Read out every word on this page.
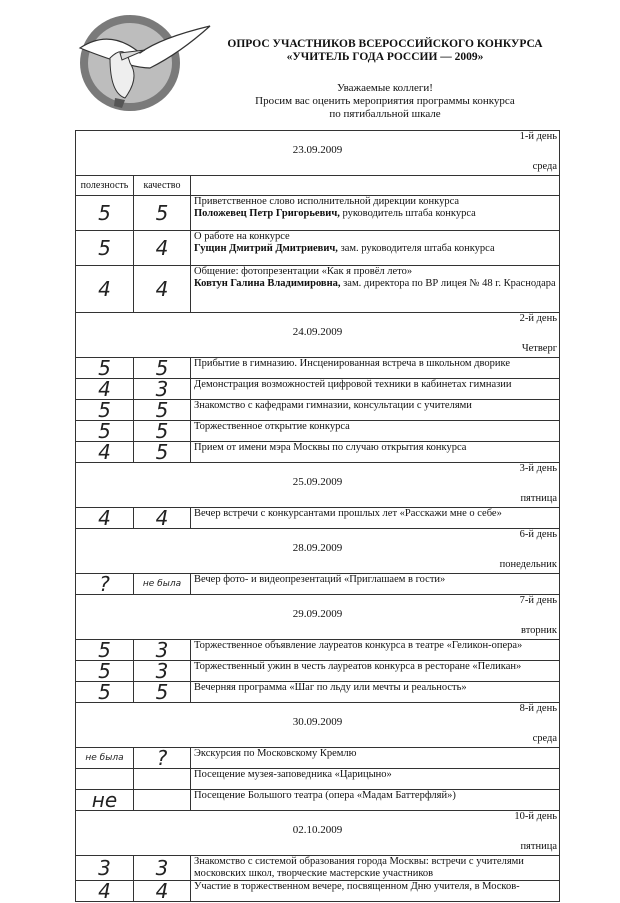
ОПРОС УЧАСТНИКОВ ВСЕРОССИЙСКОГО КОНКУРСА
«УЧИТЕЛЬ ГОДА РОССИИ — 2009»
Уважаемые коллеги!
Просим вас оценить мероприятия программы конкурса
по пятибалльной шкале
1-й день
23.09.2009
среда		

полезность	качество	
5	5	Приветственное слово исполнительной дирекции конкурса
Положевец Петр Григорьевич, руководитель штаба конкурса

5	4	О работе на конкурсе
Гущин Дмитрий Дмитриевич, зам. руководителя штаба конкурса

4	4	Общение: фотопрезентации «Как я провёл лето»
Ковтун Галина Владимировна, зам. директора по ВР лицея № 48 г. Краснодара

2-й день
24.09.2009
Четверг		

5	5	Прибытие в гимназию. Инсценированная встреча в школьном дворике

4	3	Демонстрация возможностей цифровой техники в кабинетах гимназии

5	5	Знакомство с кафедрами гимназии, консультации с учителями

5	5	Торжественное открытие конкурса

4	5	Прием от имени мэра Москвы по случаю открытия конкурса

3-й день
25.09.2009
пятница		

4	4	Вечер встречи с конкурсантами прошлых лет «Расскажи мне о себе»

6-й день
28.09.2009
понедельник		

?	не была	Вечер фото- и видеопрезентаций «Приглашаем в гости»

7-й день
29.09.2009
вторник		

5	3	Торжественное объявление лауреатов конкурса в театре «Геликон-опера»

5	3	Торжественный ужин в честь лауреатов конкурса в ресторане «Пеликан»

5	5	Вечерняя программа «Шаг по льду или мечты и реальность»

8-й день
30.09.2009
среда		

не была	?	Экскурсия по Московскому Кремлю

		Посещение музея-заповедника «Царицыно»

не		Посещение Большого театра (опера «Мадам Баттерфляй»)

10-й день
02.10.2009
пятница		

3	3	Знакомство с системой образования города Москвы: встречи с учителями московских школ, творческие мастерские участников

4	4	Участие в торжественном вечере, посвященном Дню учителя, в Москов-
